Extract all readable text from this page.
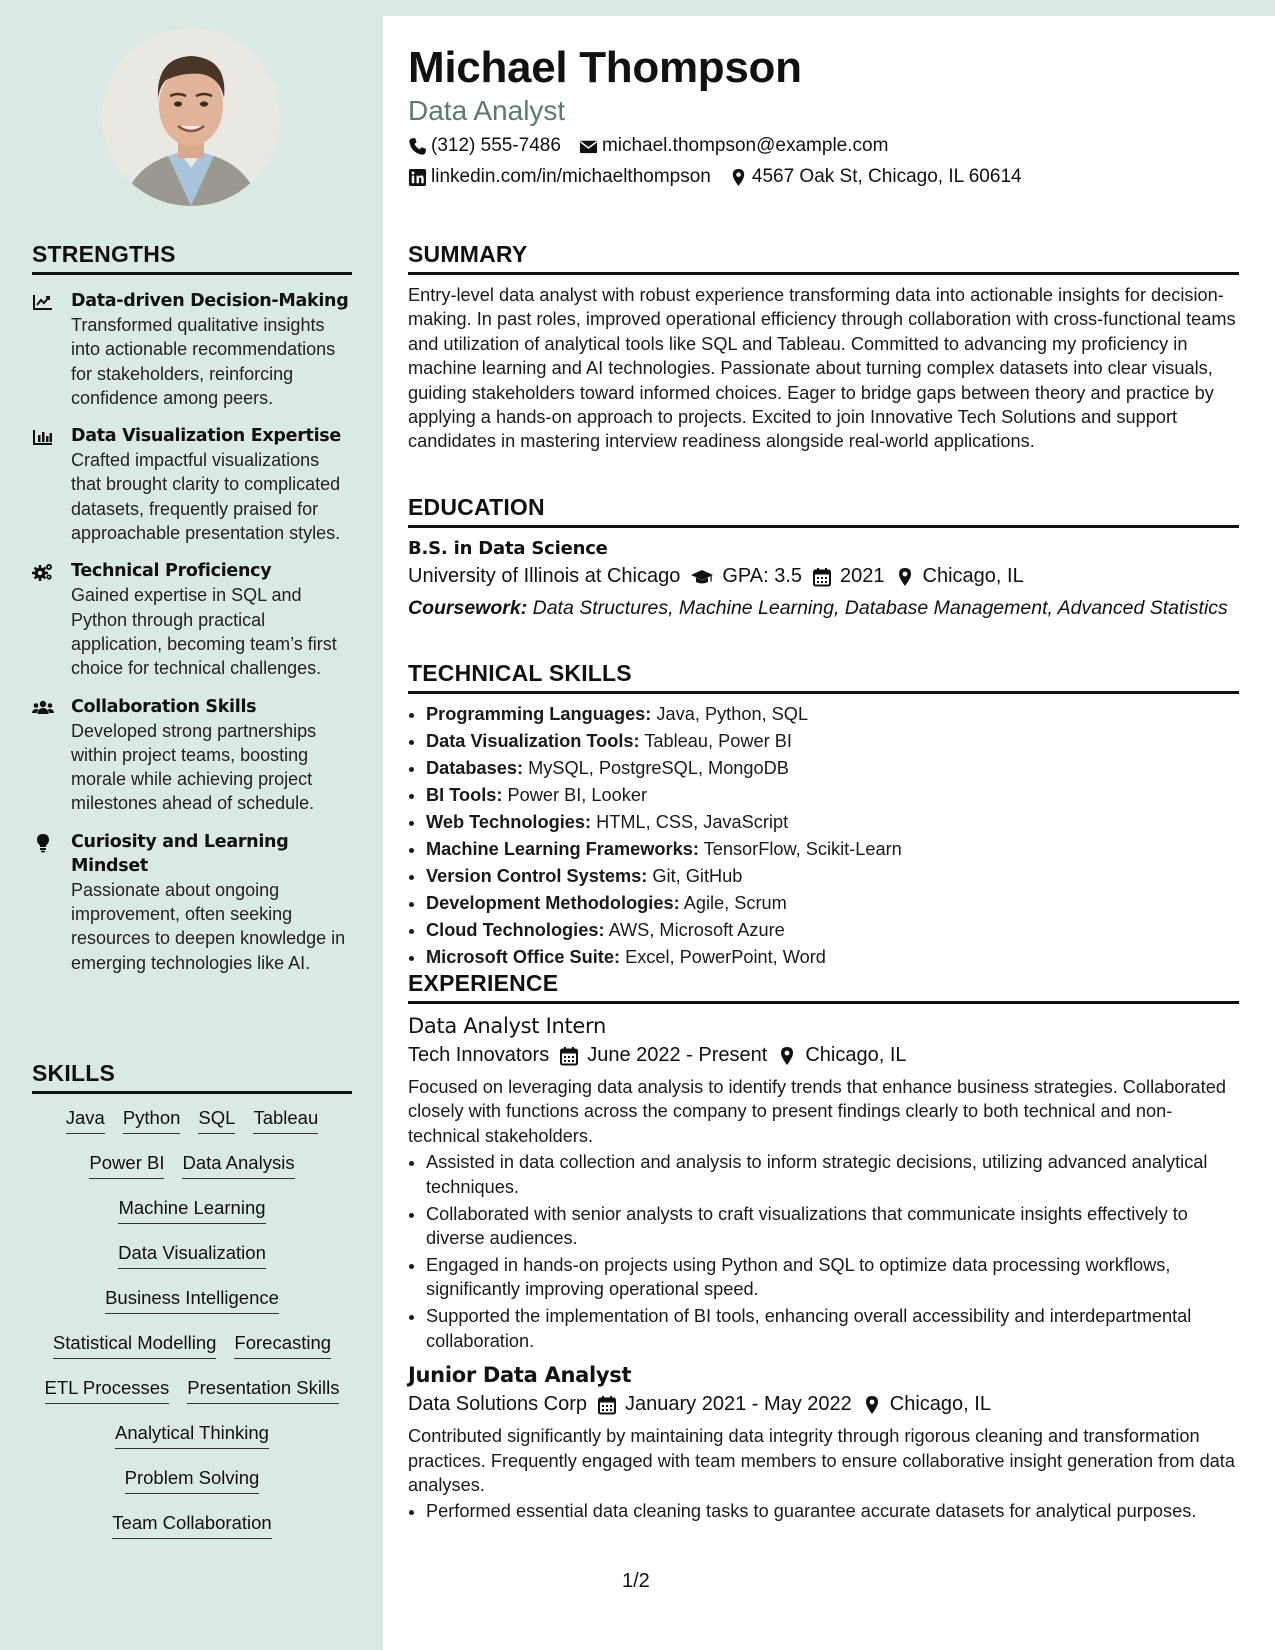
STRENGTHS
Data-driven Decision-Making
Transformed qualitative insights into actionable recommendations for stakeholders, reinforcing confidence among peers.
Data Visualization Expertise
Crafted impactful visualizations that brought clarity to complicated datasets, frequently praised for approachable presentation styles.
Technical Proficiency
Gained expertise in SQL and Python through practical application, becoming team’s first choice for technical challenges.
Collaboration Skills
Developed strong partnerships within project teams, boosting morale while achieving project milestones ahead of schedule.
Curiosity and Learning Mindset
Passionate about ongoing improvement, often seeking resources to deepen knowledge in emerging technologies like AI.
SKILLS
Java Python SQL Tableau
Power BI Data Analysis
Machine Learning
Data Visualization
Business Intelligence
Statistical Modelling Forecasting
ETL Processes Presentation Skills
Analytical Thinking
Problem Solving
Team Collaboration
Michael Thompson
Data Analyst
(312) 555-7486 michael.thompson@example.com
linkedin.com/in/michaelthompson 4567 Oak St, Chicago, IL 60614
SUMMARY
Entry-level data analyst with robust experience transforming data into actionable insights for decision-making. In past roles, improved operational efficiency through collaboration with cross-functional teams and utilization of analytical tools like SQL and Tableau. Committed to advancing my proficiency in machine learning and AI technologies. Passionate about turning complex datasets into clear visuals, guiding stakeholders toward informed choices. Eager to bridge gaps between theory and practice by applying a hands-on approach to projects. Excited to join Innovative Tech Solutions and support candidates in mastering interview readiness alongside real-world applications.
EDUCATION
B.S. in Data Science
University of Illinois at Chicago GPA: 3.5 2021 Chicago, IL
Coursework: Data Structures, Machine Learning, Database Management, Advanced Statistics
TECHNICAL SKILLS
• Programming Languages: Java, Python, SQL
• Data Visualization Tools: Tableau, Power BI
• Databases: MySQL, PostgreSQL, MongoDB
• BI Tools: Power BI, Looker
• Web Technologies: HTML, CSS, JavaScript
• Machine Learning Frameworks: TensorFlow, Scikit-Learn
• Version Control Systems: Git, GitHub
• Development Methodologies: Agile, Scrum
• Cloud Technologies: AWS, Microsoft Azure
• Microsoft Office Suite: Excel, PowerPoint, Word
EXPERIENCE
Data Analyst Intern
Tech Innovators June 2022 - Present Chicago, IL
Focused on leveraging data analysis to identify trends that enhance business strategies. Collaborated closely with functions across the company to present findings clearly to both technical and non-technical stakeholders.
• Assisted in data collection and analysis to inform strategic decisions, utilizing advanced analytical techniques.
• Collaborated with senior analysts to craft visualizations that communicate insights effectively to diverse audiences.
• Engaged in hands-on projects using Python and SQL to optimize data processing workflows, significantly improving operational speed.
• Supported the implementation of BI tools, enhancing overall accessibility and interdepartmental collaboration.
Junior Data Analyst
Data Solutions Corp January 2021 - May 2022 Chicago, IL
Contributed significantly by maintaining data integrity through rigorous cleaning and transformation practices. Frequently engaged with team members to ensure collaborative insight generation from data analyses.
• Performed essential data cleaning tasks to guarantee accurate datasets for analytical purposes.
1/2
